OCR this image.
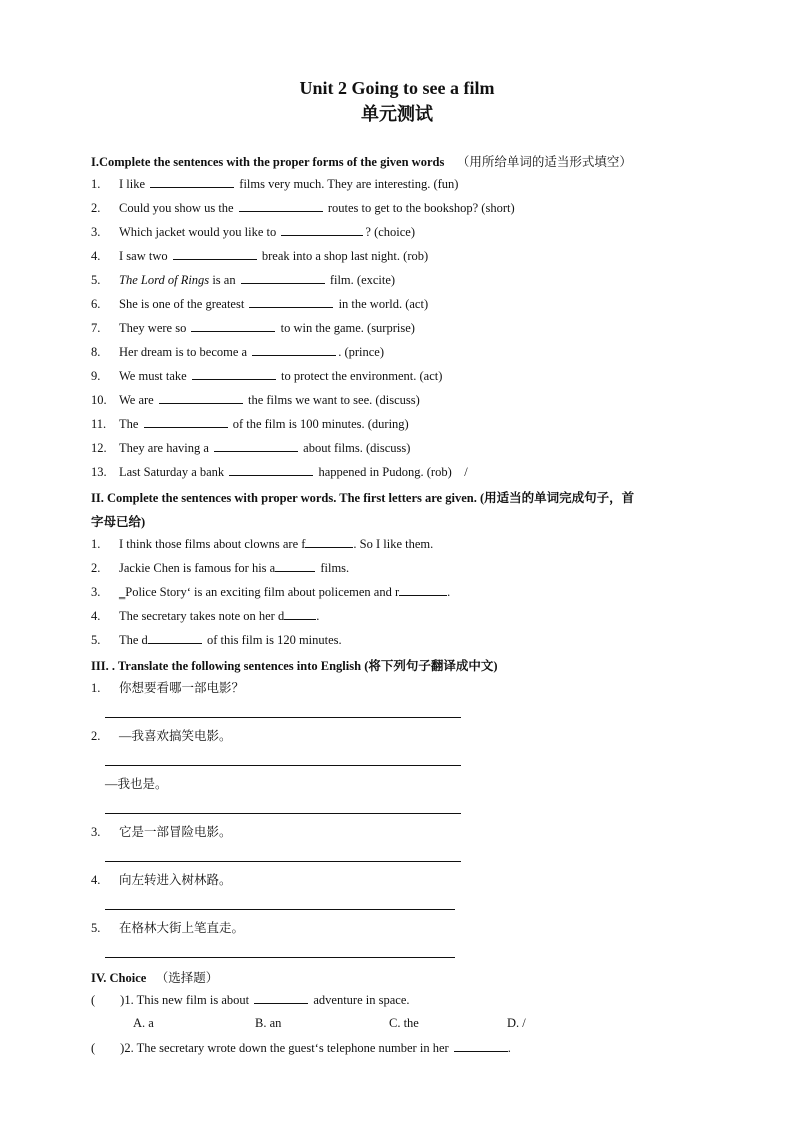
Unit 2 Going to see a film
单元测试
I.Complete the sentences with the proper forms of the given words （用所给单词的适当形式填空）
1. I like	films very much. They are interesting. (fun)
2. Could you show us the	routes to get to the bookshop? (short)
3. Which jacket would you like to	? (choice)
4. I saw two	break into a shop last night. (rob)
5. The Lord of Rings is an	film. (excite)
6. She is one of the greatest	in the world. (act)
7. They were so	to win the game. (surprise)
8. Her dream is to become a	. (prince)
9. We must take	to protect the environment. (act)
10. We are	the films we want to see. (discuss)
11. The	of the film is 100 minutes. (during)
12. They are having a	about films. (discuss)
13. Last Saturday a bank	happened in Pudong. (rob)　/
II. Complete the sentences with proper words. The first letters are given. (用适当的单词完成句子，首
字母已给)
1. I think those films about clowns are f	. So I like them.
2. Jackie Chen is famous for his a	films.
3. ‗Police Story‘ is an exciting film about policemen and r	.
4. The secretary takes note on her d	.
5. The d	of this film is 120 minutes.
III. . Translate the following sentences into English (将下列句子翻译成中文)
1. 你想要看哪一部电影？
2. —我喜欢搞笑电影。
—我也是。
3. 它是一部冒险电影。
4. 向左转进入树林路。
5. 在格林大街上笔直走。
IV. Choice （选择题）
(　　)1. This new film is about	adventure in space.
A. a	B. an	C. the	D. /
(　　)2. The secretary wrote down the guest‘s telephone number in her	.
